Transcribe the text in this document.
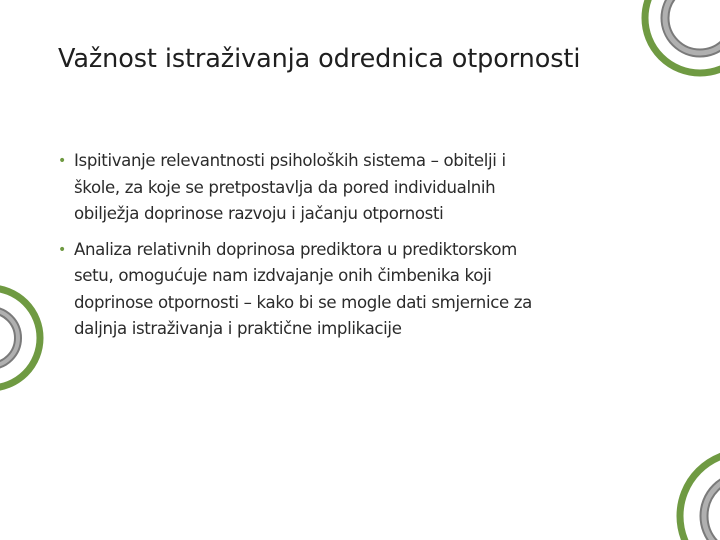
Važnost istraživanja odrednica otpornosti
• Ispitivanje relevantnosti psiholoških sistema – obitelji i
škole, za koje se pretpostavlja da pored individualnih
obilježja doprinose razvoju i jačanju otpornosti
• Analiza relativnih doprinosa prediktora u prediktorskom
setu, omogućuje nam izdvajanje onih čimbenika koji
doprinose otpornosti – kako bi se mogle dati smjernice za
daljnja istraživanja i praktične implikacije
